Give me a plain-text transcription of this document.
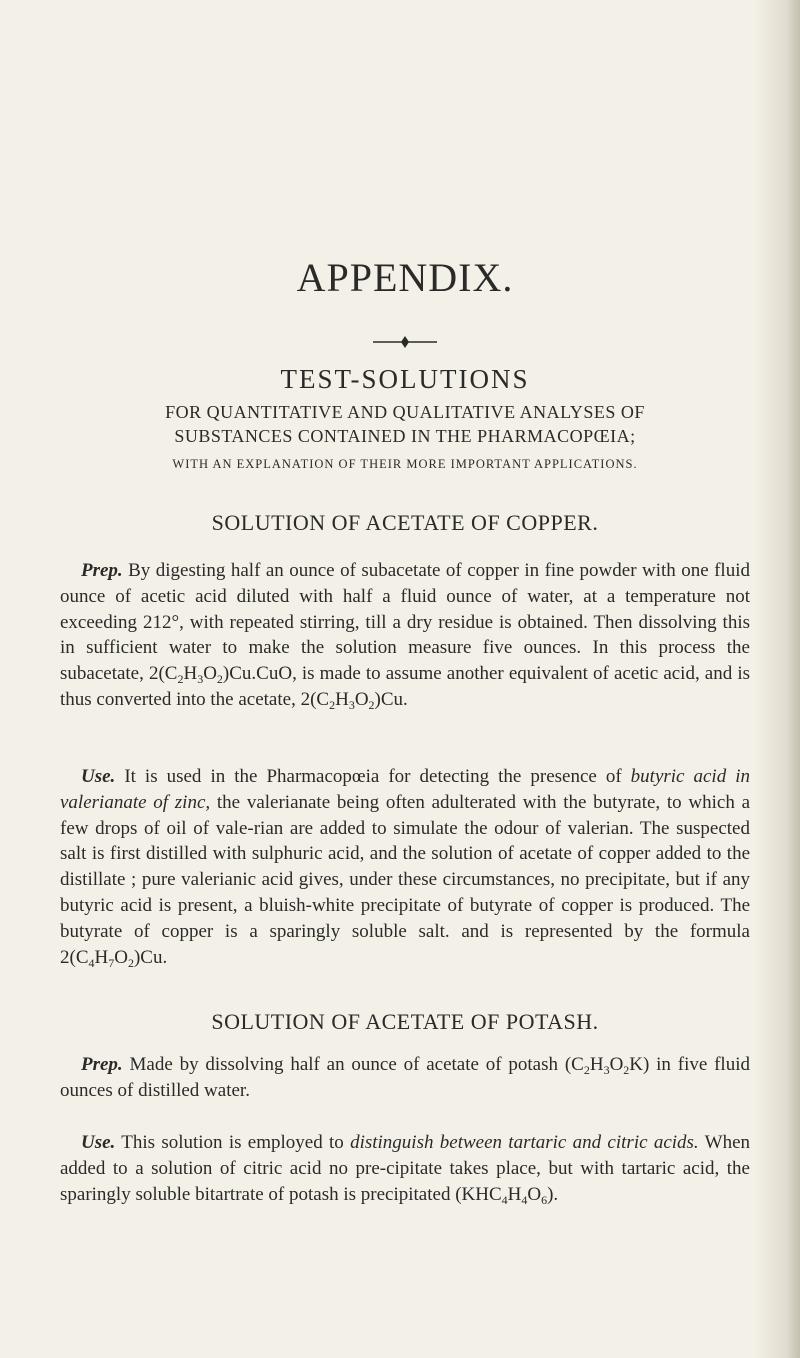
APPENDIX.
TEST-SOLUTIONS
FOR QUANTITATIVE AND QUALITATIVE ANALYSES OF
SUBSTANCES CONTAINED IN THE PHARMACOPŒIA;
WITH AN EXPLANATION OF THEIR MORE IMPORTANT APPLICATIONS.
SOLUTION OF ACETATE OF COPPER.

Prep. By digesting half an ounce of subacetate of copper in fine powder with one fluid ounce of acetic acid diluted with half a fluid ounce of water, at a temperature not exceeding 212°, with repeated stirring, till a dry residue is obtained. Then dissolving this in sufficient water to make the solution measure five ounces. In this process the subacetate, $2(C_2H_3O_2)Cu.CuO$, is made to assume another equivalent of acetic acid, and is thus converted into the acetate, $2(C_2H_3O_2)Cu$.

Use. It is used in the Pharmacopœia for detecting the presence of butyric acid in valerianate of zinc, the valerianate being often adulterated with the butyrate, to which a few drops of oil of vale-rian are added to simulate the odour of valerian. The suspected salt is first distilled with sulphuric acid, and the solution of acetate of copper added to the distillate ; pure valerianic acid gives, under these circumstances, no precipitate, but if any butyric acid is present, a bluish-white precipitate of butyrate of copper is produced. The butyrate of copper is a sparingly soluble salt. and is represented by the formula $2(C_4H_7O_2)Cu$.

SOLUTION OF ACETATE OF POTASH.

Prep. Made by dissolving half an ounce of acetate of potash $(C_2H_3O_2K)$ in five fluid ounces of distilled water.

Use. This solution is employed to distinguish between tartaric and citric acids. When added to a solution of citric acid no pre-cipitate takes place, but with tartaric acid, the sparingly soluble bitartrate of potash is precipitated $(KHC_4H_4O_6)$.
